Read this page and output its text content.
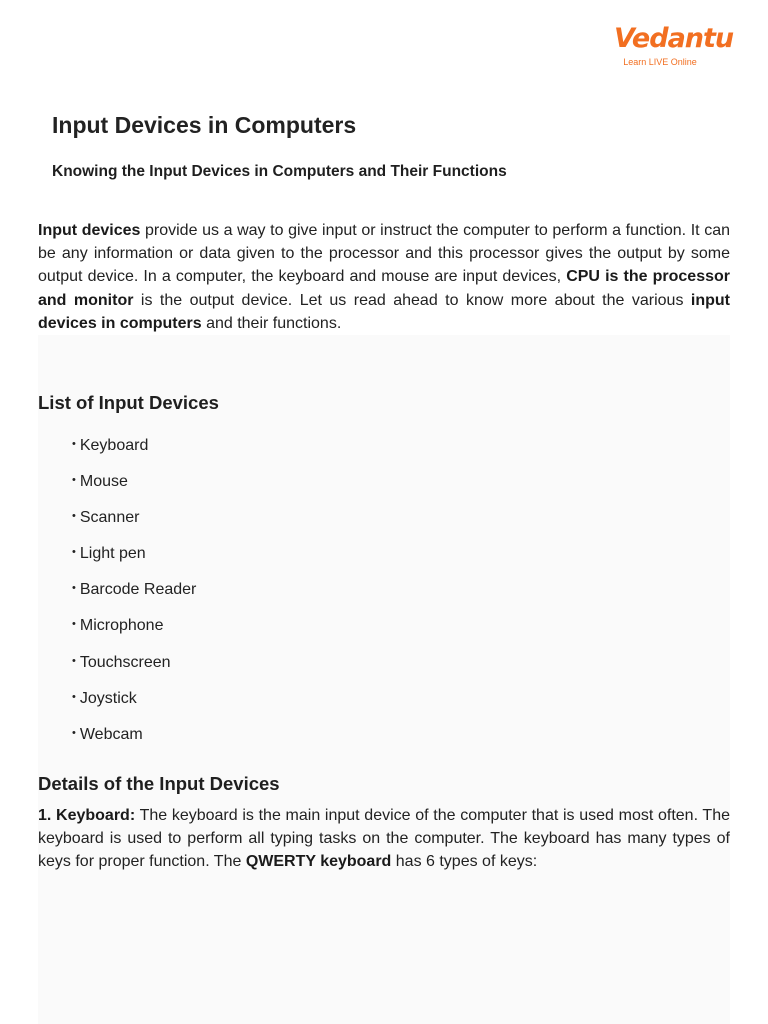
Vedantu
Learn LIVE Online
Input Devices in Computers
Knowing the Input Devices in Computers and Their Functions

Input devices provide us a way to give input or instruct the computer to perform a function. It can be any information or data given to the processor and this processor gives the output by some output device. In a computer, the keyboard and mouse are input devices, CPU is the processor and monitor is the output device. Let us read ahead to know more about the various input devices in computers and their functions.

List of Input Devices
• Keyboard
• Mouse
• Scanner
• Light pen
• Barcode Reader
• Microphone
• Touchscreen
• Joystick
• Webcam
Details of the Input Devices

1. Keyboard: The keyboard is the main input device of the computer that is used most often. The keyboard is used to perform all typing tasks on the computer. The keyboard has many types of keys for proper function. The QWERTY keyboard has 6 types of keys:
